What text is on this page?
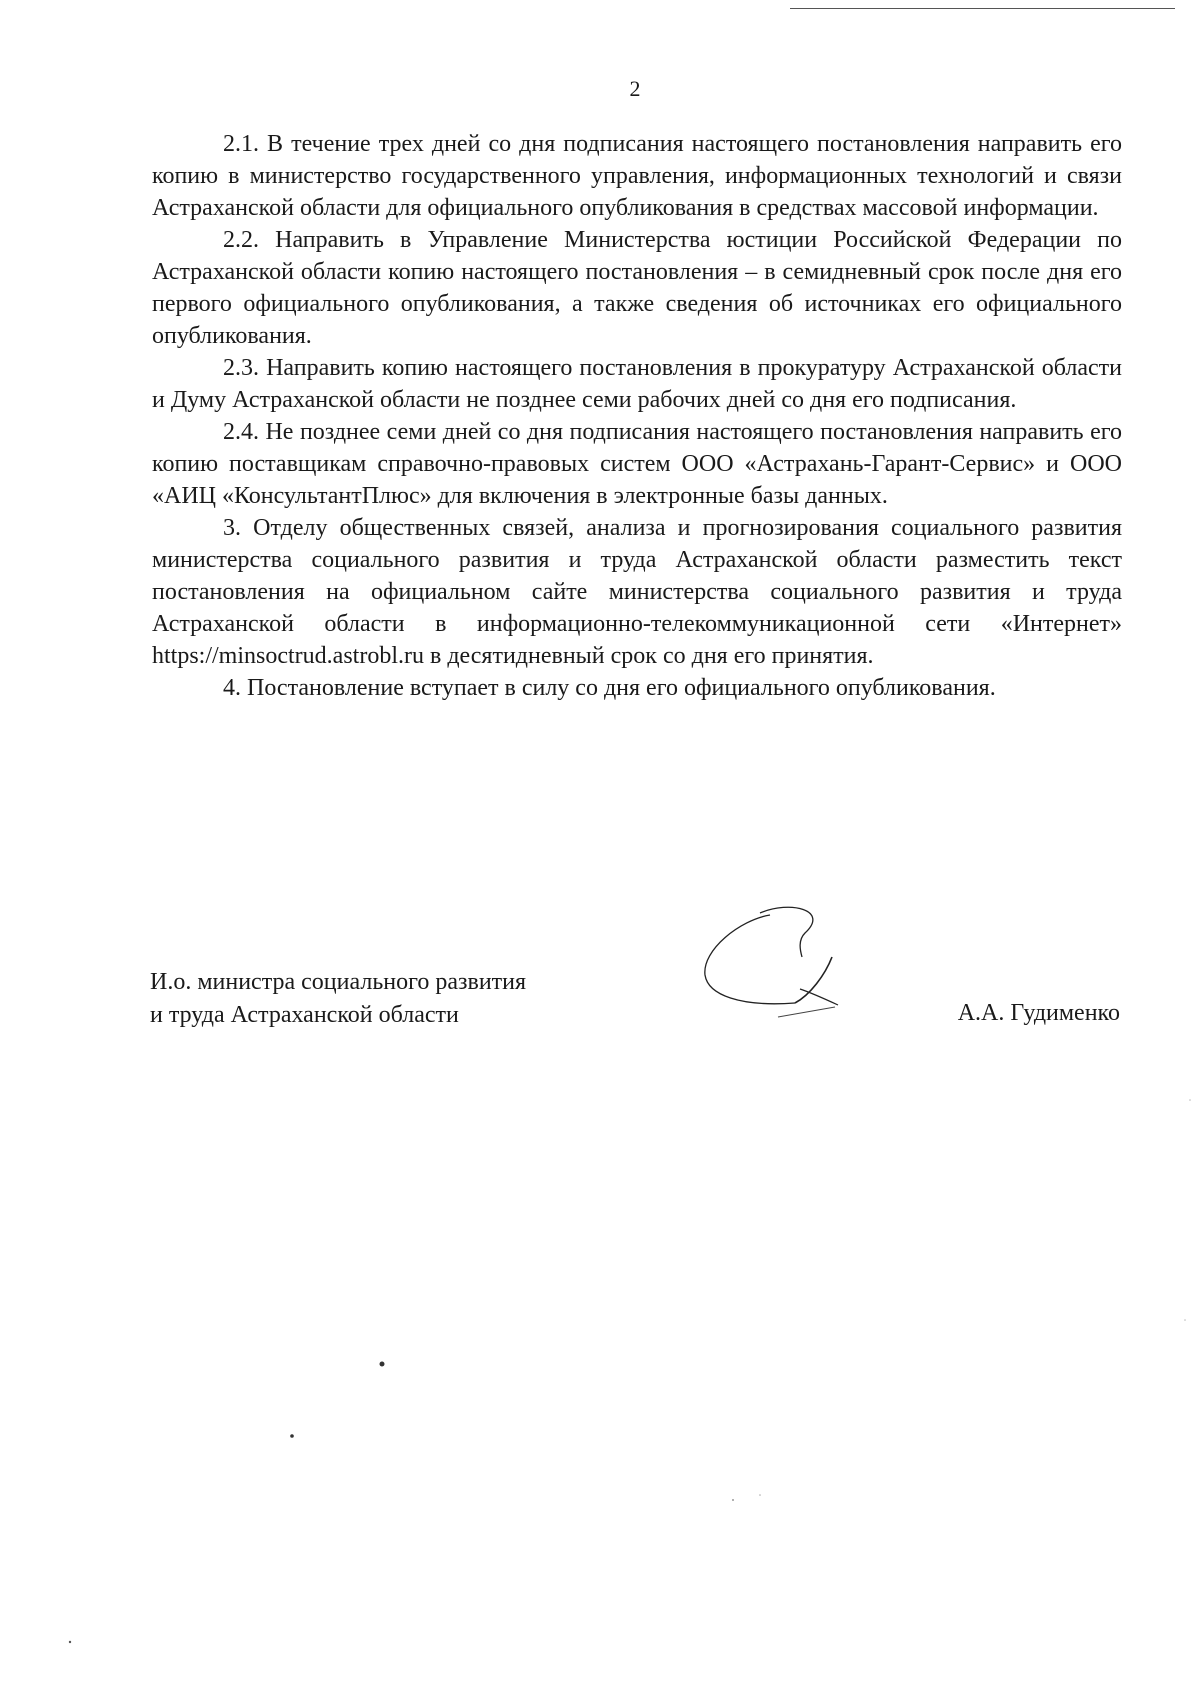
2

2.1. В течение трех дней со дня подписания настоящего постановления направить его копию в министерство государственного управления, информационных технологий и связи Астраханской области для официального опубликования в средствах массовой информации.

2.2. Направить в Управление Министерства юстиции Российской Федерации по Астраханской области копию настоящего постановления – в семидневный срок после дня его первого официального опубликования, а также сведения об источниках его официального опубликования.

2.3. Направить копию настоящего постановления в прокуратуру Астраханской области и Думу Астраханской области не позднее семи рабочих дней со дня его подписания.

2.4. Не позднее семи дней со дня подписания настоящего постановления направить его копию поставщикам справочно-правовых систем ООО «Астрахань-Гарант-Сервис» и ООО «АИЦ «КонсультантПлюс» для включения в электронные базы данных.

3. Отделу общественных связей, анализа и прогнозирования социального развития министерства социального развития и труда Астраханской области разместить текст постановления на официальном сайте министерства социального развития и труда Астраханской области в информационно-телекоммуникационной сети «Интернет» https://minsoctrud.astrobl.ru в десятидневный срок со дня его принятия.

4. Постановление вступает в силу со дня его официального опубликования.

И.о. министра социального развития
и труда Астраханской области	А.А. Гудименко
